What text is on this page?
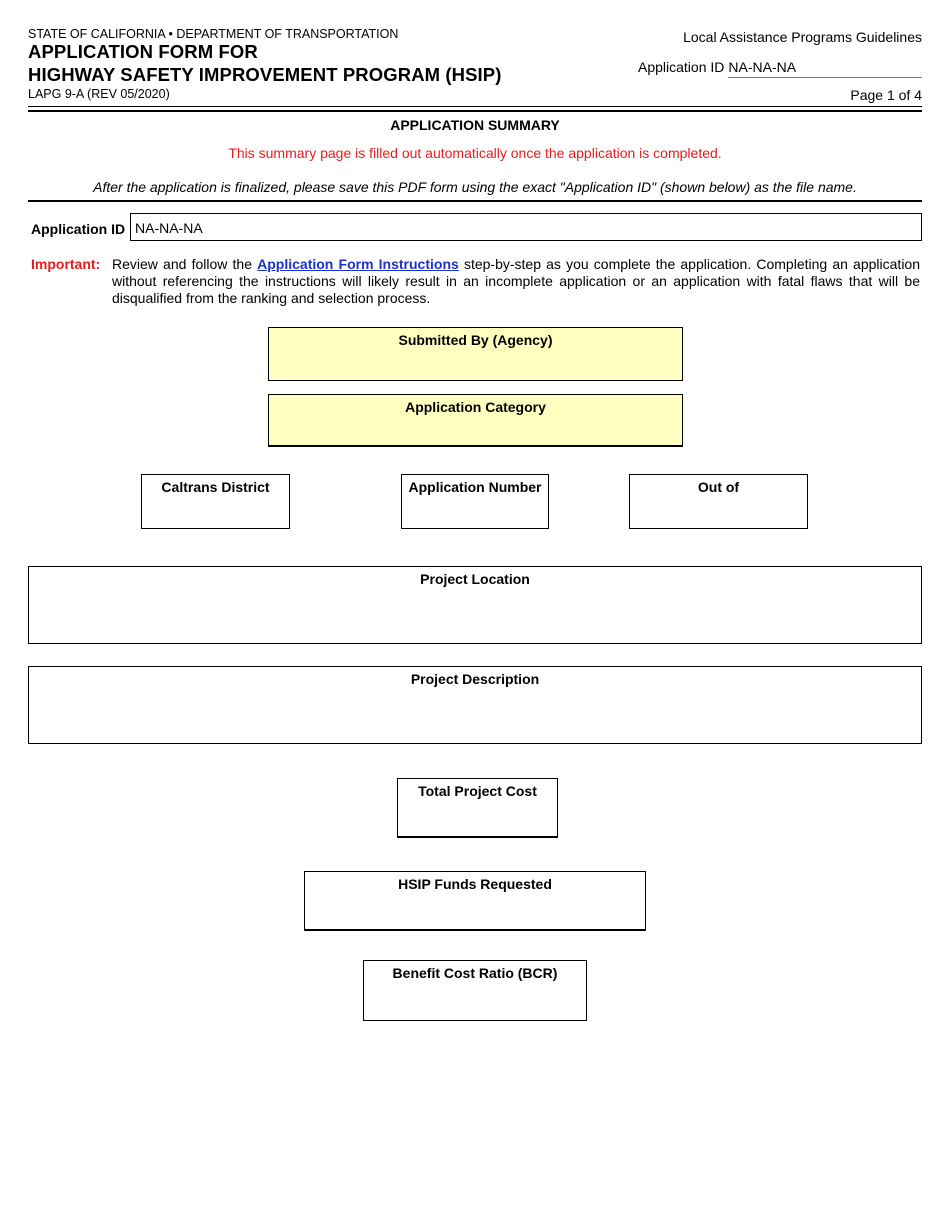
STATE OF CALIFORNIA • DEPARTMENT OF TRANSPORTATION
APPLICATION FORM FOR
HIGHWAY SAFETY IMPROVEMENT PROGRAM (HSIP)
LAPG 9-A (REV 05/2020)
Local Assistance Programs Guidelines
Application ID NA-NA-NA
Page 1 of 4
APPLICATION SUMMARY
This summary page is filled out automatically once the application is completed.
After the application is finalized, please save this PDF form using the exact "Application ID" (shown below) as the file name.
Application ID NA-NA-NA
Important: Review and follow the Application Form Instructions step-by-step as you complete the application. Completing an application without referencing the instructions will likely result in an incomplete application or an application with fatal flaws that will be disqualified from the ranking and selection process.
Submitted By (Agency)
Application Category
Caltrans District	Application Number	Out of
Project Location
Project Description
Total Project Cost
HSIP Funds Requested
Benefit Cost Ratio (BCR)
